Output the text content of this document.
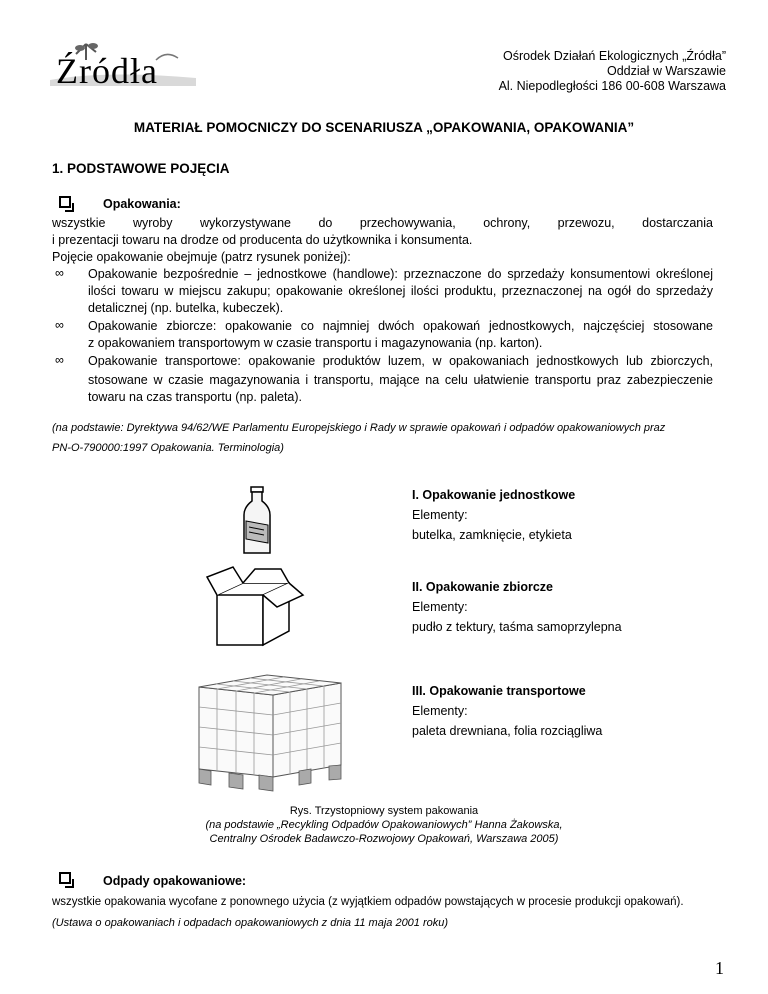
Źródła	Ośrodek Działań Ekologicznych „Źródła”
Oddział w Warszawie
Al. Niepodległości 186 00-608 Warszawa
MATERIAŁ POMOCNICZY DO SCENARIUSZA „OPAKOWANIA, OPAKOWANIA”
1. PODSTAWOWE POJĘCIA
Opakowania:
wszystkie wyroby wykorzystywane do przechowywania, ochrony, przewozu, dostarczania
i prezentacji towaru na drodze od producenta do użytkownika i konsumenta.
Pojęcie opakowanie obejmuje (patrz rysunek poniżej):
∞ Opakowanie bezpośrednie – jednostkowe (handlowe): przeznaczone do sprzedaży konsumentowi określonej
ilości towaru w miejscu zakupu; opakowanie określonej ilości produktu, przeznaczonej na ogół do sprzedaży
detalicznej (np. butelka, kubeczek).
∞ Opakowanie zbiorcze: opakowanie co najmniej dwóch opakowań jednostkowych, najczęściej stosowane
z opakowaniem transportowym w czasie transportu i magazynowania (np. karton).
∞ Opakowanie transportowe: opakowanie produktów luzem, w opakowaniach jednostkowych lub zbiorczych,
stosowane w czasie magazynowania i transportu, mające na celu ułatwienie transportu praz zabezpieczenie
towaru na czas transportu (np. paleta).
(na podstawie: Dyrektywa 94/62/WE Parlamentu Europejskiego i Rady w sprawie opakowań i odpadów opakowaniowych praz
PN-O-790000:1997 Opakowania. Terminologia)
I. Opakowanie jednostkowe
Elementy:
butelka, zamknięcie, etykieta
II. Opakowanie zbiorcze
Elementy:
pudło z tektury, taśma samoprzylepna
III. Opakowanie transportowe
Elementy:
paleta drewniana, folia rozciągliwa
Rys. Trzystopniowy system pakowania
(na podstawie „Recykling Odpadów Opakowaniowych” Hanna Żakowska,
Centralny Ośrodek Badawczo-Rozwojowy Opakowań, Warszawa 2005)
Odpady opakowaniowe:
wszystkie opakowania wycofane z ponownego użycia (z wyjątkiem odpadów powstających w procesie produkcji opakowań).
(Ustawa o opakowaniach i odpadach opakowaniowych z dnia 11 maja 2001 roku)
1
